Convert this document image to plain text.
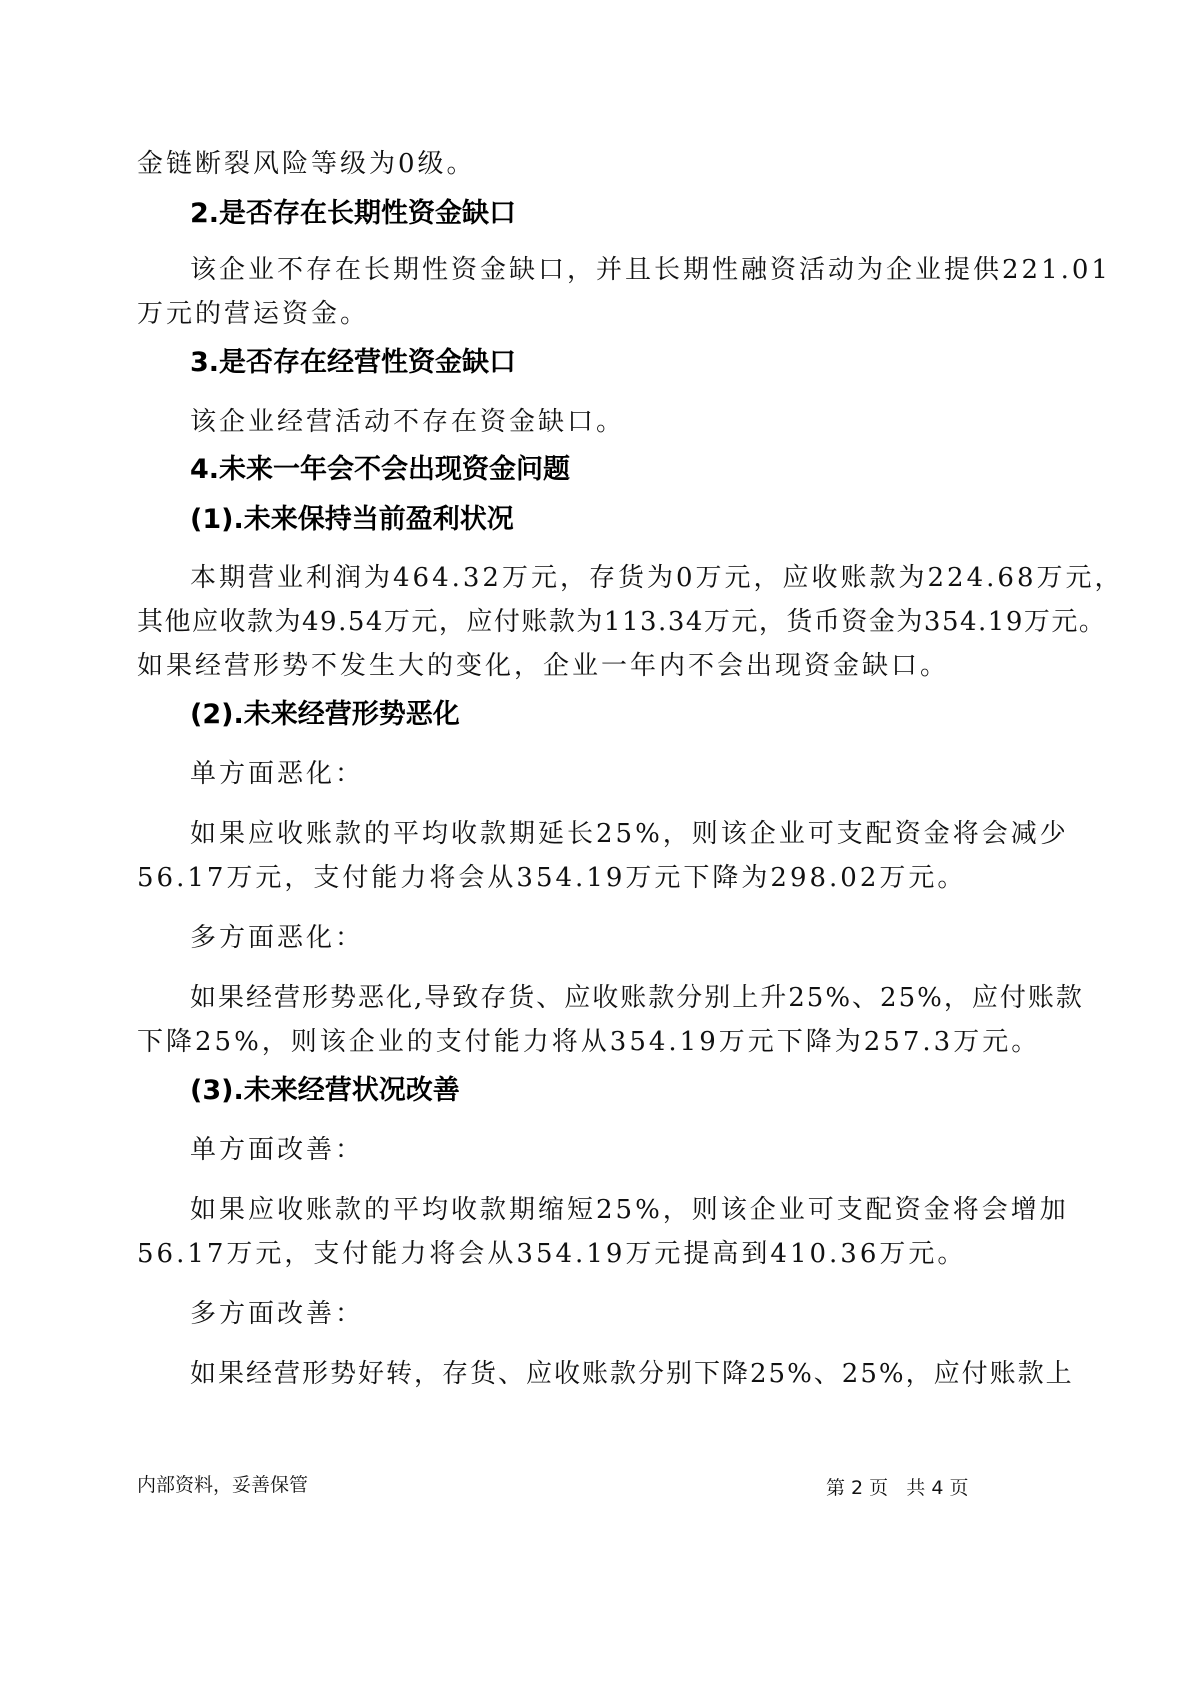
金链断裂风险等级为0级。
2.是否存在长期性资金缺口
该企业不存在长期性资金缺口，并且长期性融资活动为企业提供221.01
万元的营运资金。
3.是否存在经营性资金缺口
该企业经营活动不存在资金缺口。
4.未来一年会不会出现资金问题
(1).未来保持当前盈利状况
本期营业利润为464.32万元，存货为0万元，应收账款为224.68万元，
其他应收款为49.54万元，应付账款为113.34万元，货币资金为354.19万元。
如果经营形势不发生大的变化，企业一年内不会出现资金缺口。
(2).未来经营形势恶化
单方面恶化：
如果应收账款的平均收款期延长25%，则该企业可支配资金将会减少
56.17万元，支付能力将会从354.19万元下降为298.02万元。
多方面恶化：
如果经营形势恶化,导致存货、应收账款分别上升25%、25%，应付账款
下降25%，则该企业的支付能力将从354.19万元下降为257.3万元。
(3).未来经营状况改善
单方面改善：
如果应收账款的平均收款期缩短25%，则该企业可支配资金将会增加
56.17万元，支付能力将会从354.19万元提高到410.36万元。
多方面改善：
如果经营形势好转，存货、应收账款分别下降25%、25%，应付账款上
内部资料，妥善保管	第 2 页   共 4 页
